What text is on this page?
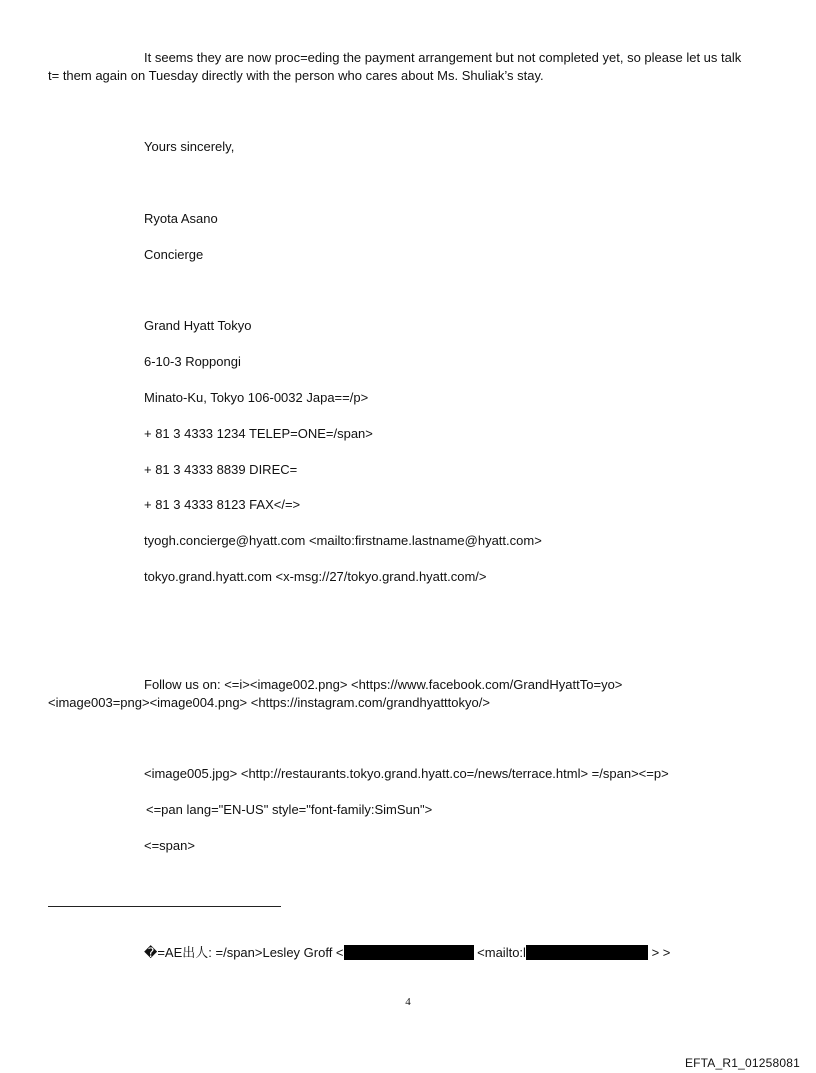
It seems they are now proc=eding the payment arrangement but not completed yet, so please let us talk
t= them again on Tuesday directly with the person who cares about Ms. Shuliak’s stay.
Yours sincerely,
Ryota Asano
Concierge
Grand Hyatt Tokyo
6-10-3 Roppongi
Minato-Ku, Tokyo 106-0032 Japa==/p>
+ 81 3 4333 1234 TELEP=ONE=/span>
+ 81 3 4333 8839 DIREC=
+ 81 3 4333 8123 FAX</=>
tyogh.concierge@hyatt.com <mailto:firstname.lastname@hyatt.com>
tokyo.grand.hyatt.com <x-msg://27/tokyo.grand.hyatt.com/>
Follow us on: <=i><image002.png> <https://www.facebook.com/GrandHyattTo=yo>
<image003=png><image004.png> <https://instagram.com/grandhyatttokyo/>
<image005.jpg> <http://restaurants.tokyo.grand.hyatt.co=/news/terrace.html> =/span><=p>
<=pan lang="EN-US" style="font-family:SimSun">
<=span>
�=AE出人: =/span>Lesley Groff <	<mailto:l	> >
4
EFTA_R1_01258081
